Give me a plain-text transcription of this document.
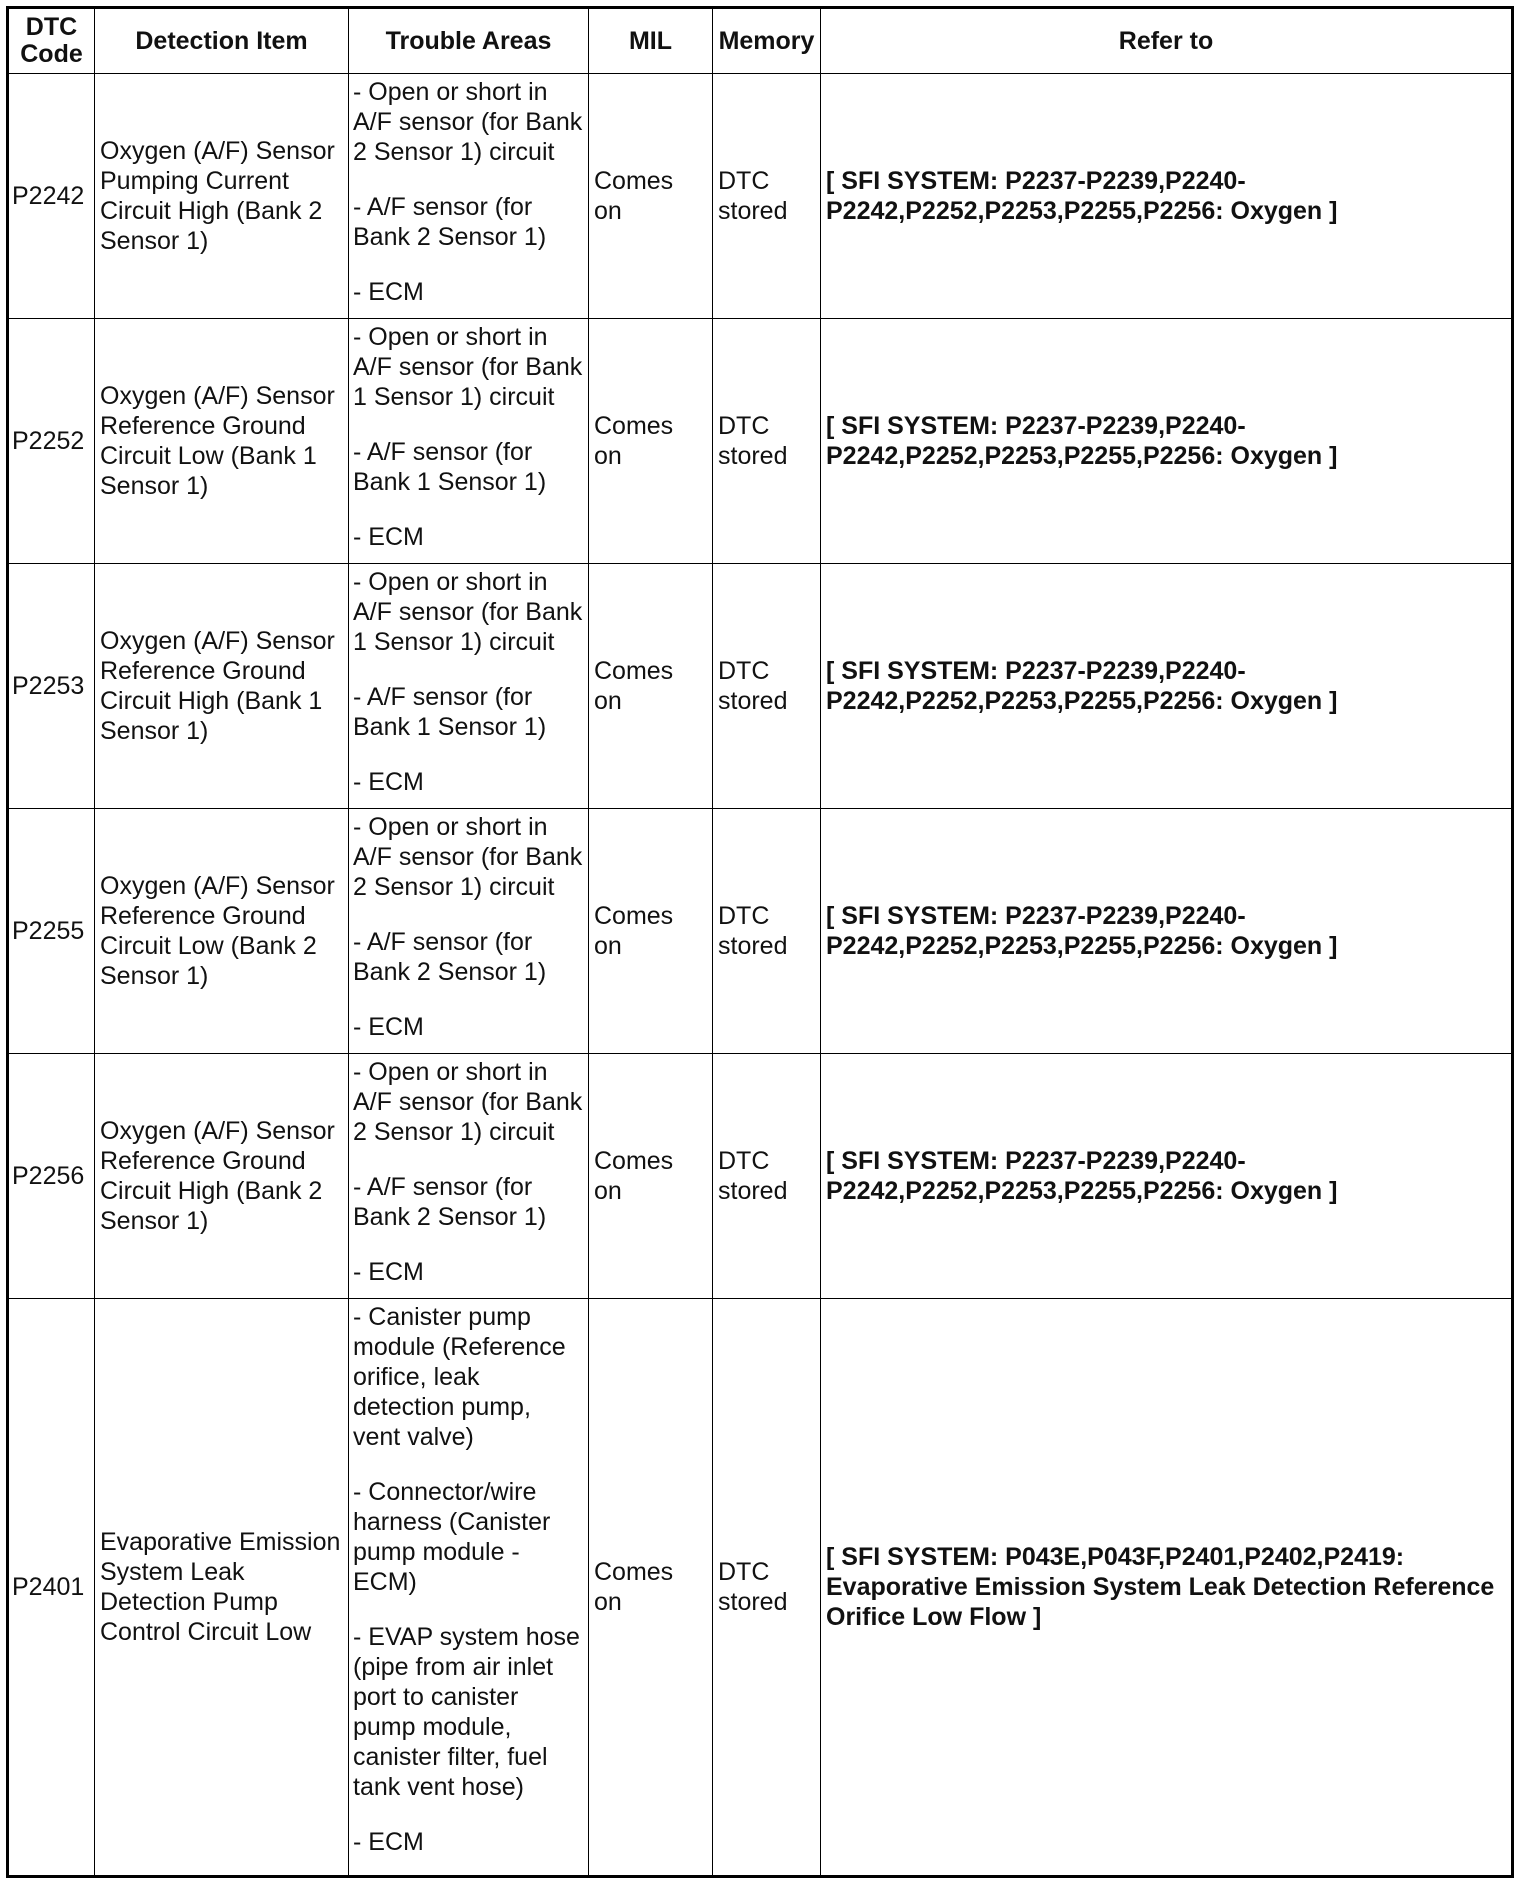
DTC Code	Detection Item	Trouble Areas	MIL	Memory	Refer to
P2242	Oxygen (A/F) Sensor Pumping Current Circuit High (Bank 2 Sensor 1)	- Open or short in A/F sensor (for Bank 2 Sensor 1) circuit

- A/F sensor (for Bank 2 Sensor 1)

- ECM	Comes on	DTC stored	[ SFI SYSTEM: P2237-P2239,P2240-P2242,P2252,P2253,P2255,P2256: Oxygen ]
P2252	Oxygen (A/F) Sensor Reference Ground Circuit Low (Bank 1 Sensor 1)	- Open or short in A/F sensor (for Bank 1 Sensor 1) circuit

- A/F sensor (for Bank 1 Sensor 1)

- ECM	Comes on	DTC stored	[ SFI SYSTEM: P2237-P2239,P2240-P2242,P2252,P2253,P2255,P2256: Oxygen ]
P2253	Oxygen (A/F) Sensor Reference Ground Circuit High (Bank 1 Sensor 1)	- Open or short in A/F sensor (for Bank 1 Sensor 1) circuit

- A/F sensor (for Bank 1 Sensor 1)

- ECM	Comes on	DTC stored	[ SFI SYSTEM: P2237-P2239,P2240-P2242,P2252,P2253,P2255,P2256: Oxygen ]
P2255	Oxygen (A/F) Sensor Reference Ground Circuit Low (Bank 2 Sensor 1)	- Open or short in A/F sensor (for Bank 2 Sensor 1) circuit

- A/F sensor (for Bank 2 Sensor 1)

- ECM	Comes on	DTC stored	[ SFI SYSTEM: P2237-P2239,P2240-P2242,P2252,P2253,P2255,P2256: Oxygen ]
P2256	Oxygen (A/F) Sensor Reference Ground Circuit High (Bank 2 Sensor 1)	- Open or short in A/F sensor (for Bank 2 Sensor 1) circuit

- A/F sensor (for Bank 2 Sensor 1)

- ECM	Comes on	DTC stored	[ SFI SYSTEM: P2237-P2239,P2240-P2242,P2252,P2253,P2255,P2256: Oxygen ]
P2401	Evaporative Emission System Leak Detection Pump Control Circuit Low	- Canister pump module (Reference orifice, leak detection pump, vent valve)

- Connector/wire harness (Canister pump module - ECM)

- EVAP system hose (pipe from air inlet port to canister pump module, canister filter, fuel tank vent hose)

- ECM	Comes on	DTC stored	[ SFI SYSTEM: P043E,P043F,P2401,P2402,P2419: Evaporative Emission System Leak Detection Reference Orifice Low Flow ]
